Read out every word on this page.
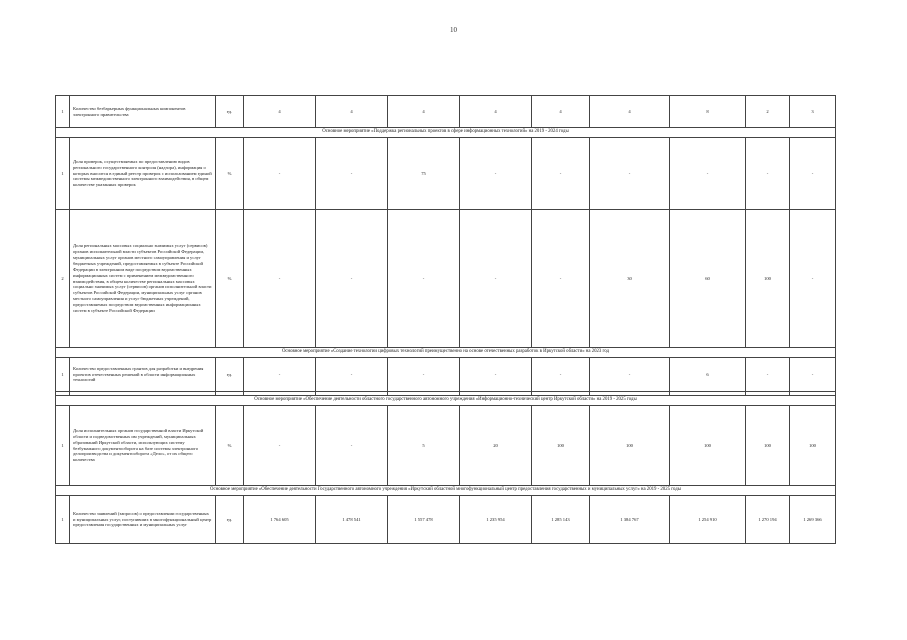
10
1	Количество безбарьерных функциональных компонентов электронного правительства	ед.	4	4	4	4	4	4	8	2	3
Основное мероприятие «Поддержка региональных проектов в сфере информационных технологий» на 2019 - 2024 годы											
1	Доля проверок, осуществляемых по предоставлению видов регионального государственного контроля (надзора), информация о которых вносится в единый реестр проверок с использованием единой системы межведомственного электронного взаимодействия, в общем количестве указанных проверок	%	-	-	75	-	-	-	-	-	-
2	Доля региональных массовых социально значимых услуг (сервисов) органов исполнительной власти субъектов Российской Федерации, муниципальных услуг органов местного самоуправления и услуг бюджетных учреждений, предоставляемых в субъекте Российской Федерации в электронном виде посредством ведомственных информационных систем с применением межведомственного взаимодействия, в общем количестве региональных массовых социально значимых услуг (сервисов) органов исполнительной власти субъектов Российской Федерации, муниципальных услуг органов местного самоуправления и услуг бюджетных учреждений, предоставляемых посредством ведомственных информационных систем в субъекте Российской Федерации	%	-	-	-	-	-	30	60	100	-
Основное мероприятие «Создание технологии цифровых технологий преимущественно на основе отечественных разработок в Иркутской области» на 2023 год											
1	Количество предоставленных грантов для разработки и внедрения проектов отечественных решений в области информационных технологий	ед.	-	-	-	-	-	-	6	-	-

Основное мероприятие «Обеспечение деятельности областного государственного автономного учреждения «Информационно-технический центр Иркутской области» на 2019 - 2025 годы											
1	Доля исполнительных органов государственной власти Иркутской области и подведомственных им учреждений, муниципальных образований Иркутской области, использующих систему безбумажного документооборота на базе системы электронного делопроизводства и документооборота «Дело», от их общего количества	%	-	-	5	20	100	100	100	100	100
Основное мероприятие «Обеспечение деятельности Государственного автономного учреждения «Иркутский областной многофункциональный центр предоставления государственных и муниципальных услуг» на 2019 - 2025 годы											
1	Количество заявлений (запросов) о предоставлении государственных и муниципальных услуг, поступивших в многофункциональный центр предоставления государственных и муниципальных услуг	ед.	1 764 605	1 478 541	1 557 478	1 235 954	1 285 143	1 384 767	1 254 910	1 270 194	1 269 366
